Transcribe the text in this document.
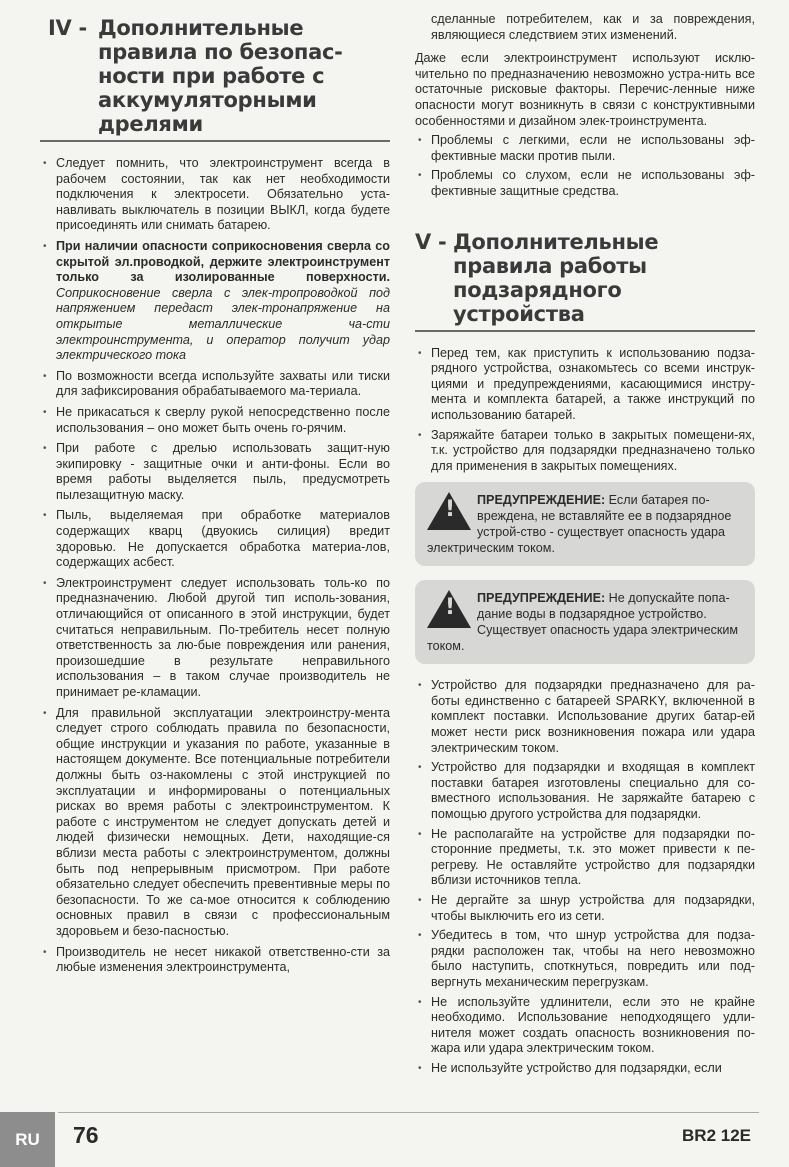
IV - Дополнительные
правила по безопас-
ности при работе с
аккумуляторными
дрелями
• Следует помнить, что электроинструмент всегда в рабочем состоянии, так как нет необходимости подключения к электросети. Обязательно уста-навливать выключатель в позиции ВЫКЛ, когда будете присоединять или снимать батарею.
• При наличии опасности соприкосновения сверла со скрытой эл.проводкой, держите электроинструмент только за изолированные поверхности. Соприкосновение сверла с элек-тропроводкой под напряжением передаст элек-тронапряжение на открытые металлические ча-сти электроинструмента, и оператор получит удар электрического тока
• По возможности всегда используйте захваты или тиски для зафиксирования обрабатываемого ма-териала.
• Не прикасаться к сверлу рукой непосредственно после использования – оно может быть очень го-рячим.
• При работе с дрелью использовать защит-ную экипировку - защитные очки и анти-фоны. Если во время работы выделяется пыль, предусмотреть пылезащитную маску.
• Пыль, выделяемая при обработке материалов содержащих кварц (двуокись силиция) вредит здоровью. Не допускается обработка материа-лов, содержащих асбест.
• Электроинструмент следует использовать толь-ко по предназначению. Любой другой тип исполь-зования, отличающийся от описанного в этой инструкции, будет считаться неправильным. По-требитель несет полную ответственность за лю-бые повреждения или ранения, произошедшие в результате неправильного использования – в таком случае производитель не принимает ре-кламации.
• Для правильной эксплуатации электроинстру-мента следует строго соблюдать правила по безопасности, общие инструкции и указания по работе, указанные в настоящем документе. Все потенциальные потребители должны быть оз-накомлены с этой инструкцией по эксплуатации и информированы о потенциальных рисках во время работы с электроинструментом. К работе с инструментом не следует допускать детей и людей физически немощных. Дети, находящие-ся вблизи места работы с электроинструментом, должны быть под непрерывным присмотром. При работе обязательно следует обеспечить превентивные меры по безопасности. То же са-мое относится к соблюдению основных правил в связи с профессиональным здоровьем и безо-пасностью.
• Производитель не несет никакой ответственно-сти за любые изменения электроинструмента,
сделанные потребителем, как и за повреждения, являющиеся следствием этих изменений.
Даже если электроинструмент используют исклю-чительно по предназначению невозможно устра-нить все остаточные рисковые факторы. Перечис-ленные ниже опасности могут возникнуть в связи с конструктивными особенностями и дизайном элек-троинструмента.
• Проблемы с легкими, если не использованы эф-фективные маски против пыли.
• Проблемы со слухом, если не использованы эф-фективные защитные средства.
V - Дополнительные
правила работы
подзарядного устройства
• Перед тем, как приступить к использованию подза-рядного устройства, ознакомьтесь со всеми инструк-циями и предупреждениями, касающимися инстру-мента и комплекта батарей, а также инструкций по использованию батарей.
• Заряжайте батареи только в закрытых помещени-ях, т.к. устройство для подзарядки предназначено только для применения в закрытых помещениях.
!
ПРЕДУПРЕЖДЕНИЕ: Если батарея по-вреждена, не вставляйте ее в подзарядное устрой-ство - существует опасность удара электрическим током.
!
ПРЕДУПРЕЖДЕНИЕ: Не допускайте попа-дание воды в подзарядное устройство. Существует опасность удара электрическим током.
• Устройство для подзарядки предназначено для ра-боты единственно с батареей SPARKY, включенной в комплект поставки. Использование других батар-ей может нести риск возникновения пожара или удара электрическим током.
• Устройство для подзарядки и входящая в комплект поставки батарея изготовлены специально для со-вместного использования. Не заряжайте батарею с помощью другого устройства для подзарядки.
• Не располагайте на устройстве для подзарядки по-сторонние предметы, т.к. это может привести к пе-регреву. Не оставляйте устройство для подзарядки вблизи источников тепла.
• Не дергайте за шнур устройства для подзарядки, чтобы выключить его из сети.
• Убедитесь в том, что шнур устройства для подза-рядки расположен так, чтобы на него невозможно было наступить, споткнуться, повредить или под-вергнуть механическим перегрузкам.
• Не используйте удлинители, если это не крайне необходимо. Использование неподходящего удли-нителя может создать опасность возникновения по-жара или удара электрическим током.
• Не используйте устройство для подзарядки, если
RU	76	BR2 12E
